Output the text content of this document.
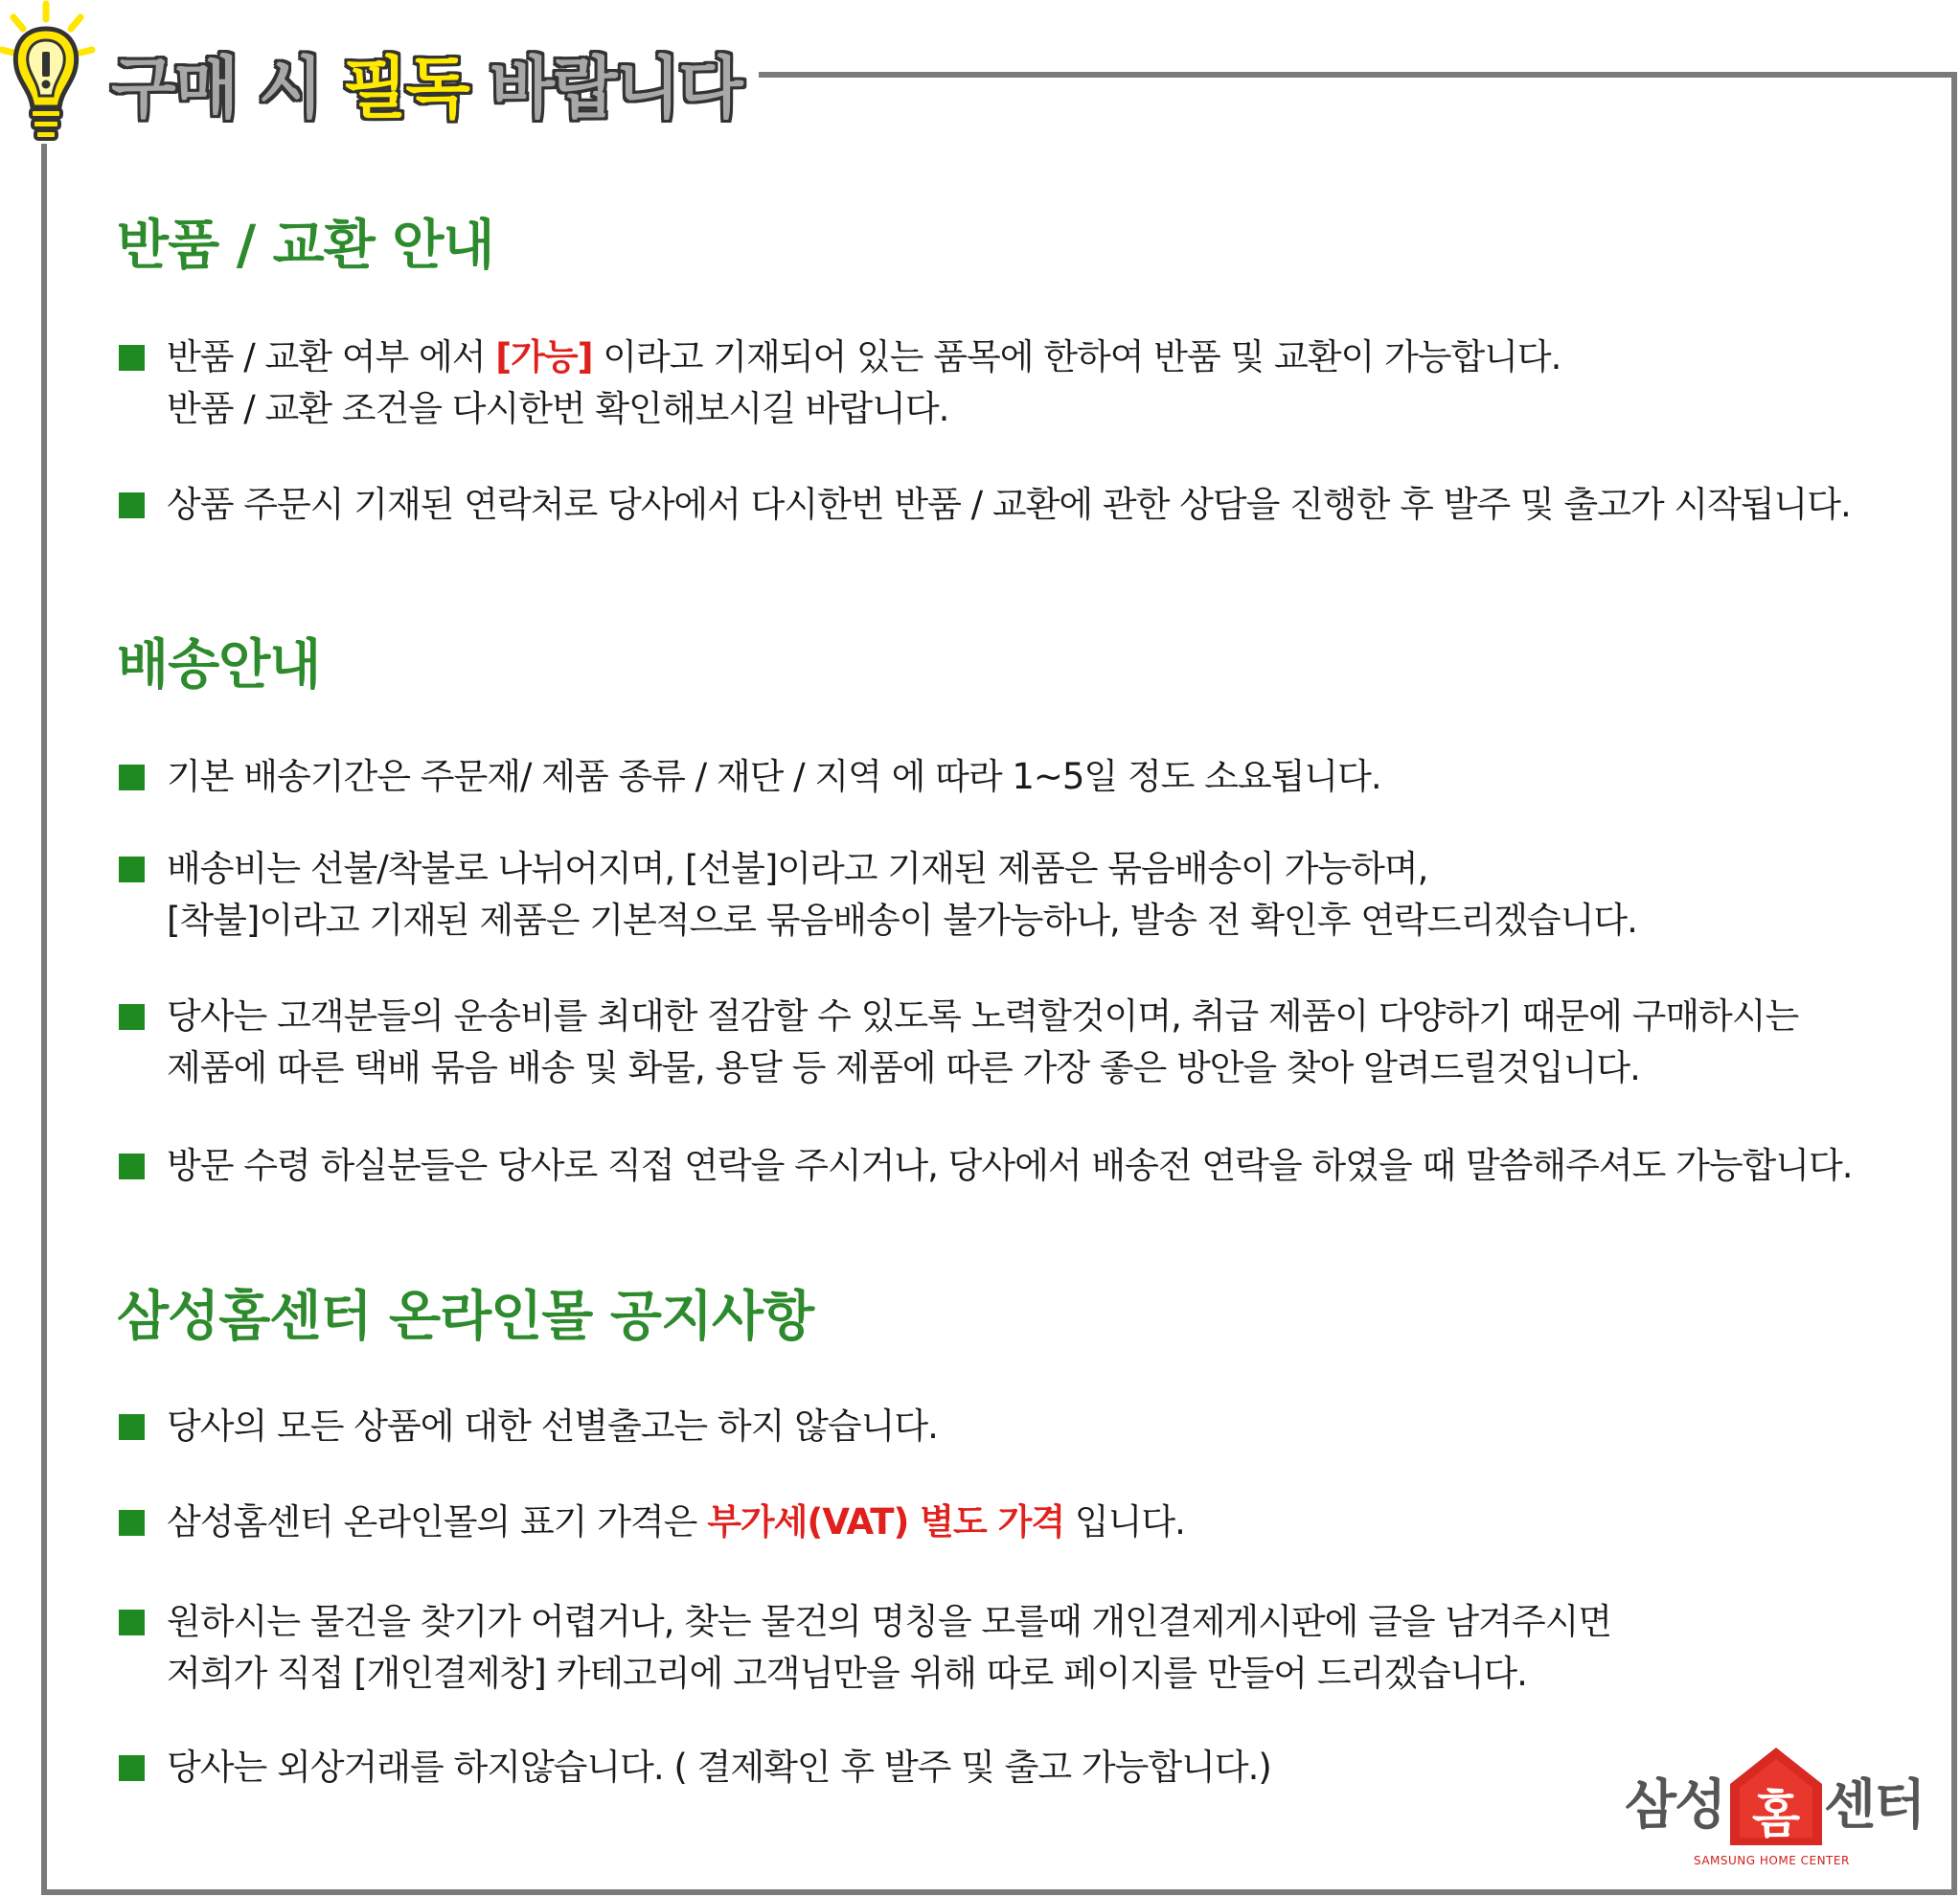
구매 시 필독 바랍니다
반품 / 교환 안내
반품 / 교환 여부 에서 [가능] 이라고 기재되어 있는 품목에 한하여 반품 및 교환이 가능합니다.
반품 / 교환 조건을 다시한번 확인해보시길 바랍니다.
상품 주문시 기재된 연락처로 당사에서 다시한번 반품 / 교환에 관한 상담을 진행한 후 발주 및 출고가 시작됩니다.
배송안내
기본 배송기간은 주문재/ 제품 종류 / 재단 / 지역 에 따라 1~5일 정도 소요됩니다.
배송비는 선불/착불로 나뉘어지며, [선불]이라고 기재된 제품은 묶음배송이 가능하며,
[착불]이라고 기재된 제품은 기본적으로 묶음배송이 불가능하나, 발송 전 확인후 연락드리겠습니다.
당사는 고객분들의 운송비를 최대한 절감할 수 있도록 노력할것이며, 취급 제품이 다양하기 때문에 구매하시는
제품에 따른 택배 묶음 배송 및 화물, 용달 등 제품에 따른 가장 좋은 방안을 찾아 알려드릴것입니다.
방문 수령 하실분들은 당사로 직접 연락을 주시거나, 당사에서 배송전 연락을 하였을 때 말씀해주셔도 가능합니다.
삼성홈센터 온라인몰 공지사항
당사의 모든 상품에 대한 선별출고는 하지 않습니다.
삼성홈센터 온라인몰의 표기 가격은 부가세(VAT) 별도 가격 입니다.
원하시는 물건을 찾기가 어렵거나, 찾는 물건의 명칭을 모를때 개인결제게시판에 글을 남겨주시면
저희가 직접 [개인결제창] 카테고리에 고객님만을 위해 따로 페이지를 만들어 드리겠습니다.
당사는 외상거래를 하지않습니다. ( 결제확인 후 발주 및 출고 가능합니다.)
삼성 홈 센터
SAMSUNG HOME CENTER
